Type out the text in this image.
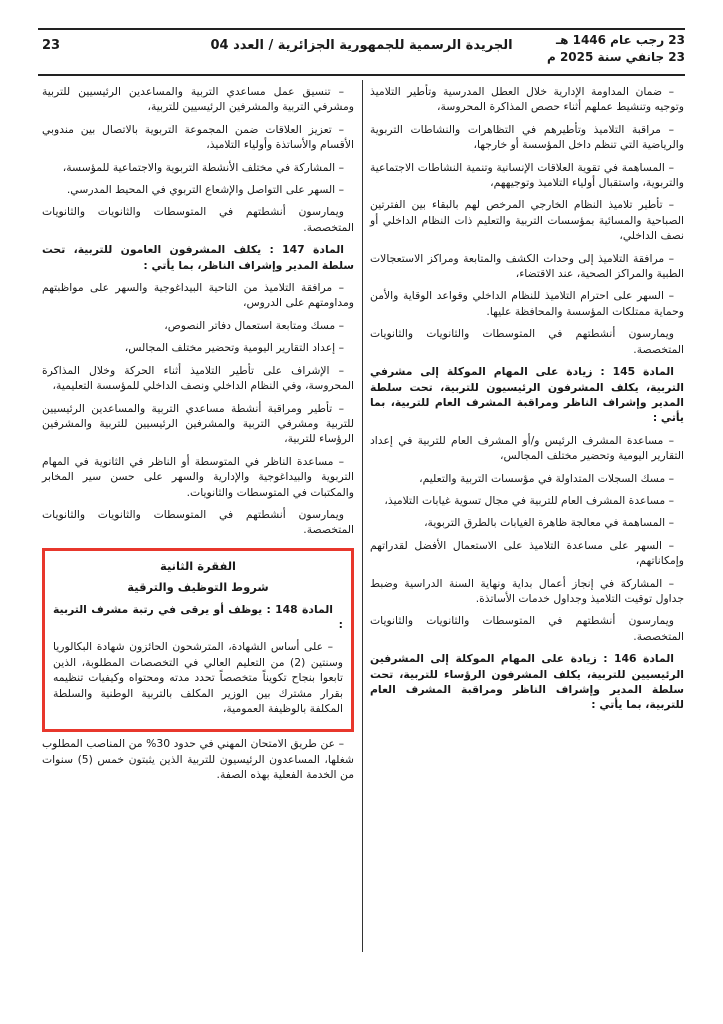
23 رجب عام 1446 هـ
23 جانفي سنة 2025 م
الجريدة الرسمية للجمهورية الجزائرية / العدد 04
23

– ضمان المداومة الإدارية خلال العطل المدرسية وتأطير التلاميذ وتوجيه وتنشيط عملهم أثناء حصص المذاكرة المحروسة،

– مراقبة التلاميذ وتأطيرهم في التظاهرات والنشاطات التربوية والرياضية التي تنظم داخل المؤسسة أو خارجها،

– المساهمة في تقوية العلاقات الإنسانية وتنمية النشاطات الاجتماعية والتربوية، واستقبال أولياء التلاميذ وتوجيههم،

– تأطير تلاميذ النظام الخارجي المرخص لهم بالبقاء بين الفترتين الصباحية والمسائية بمؤسسات التربية والتعليم ذات النظام الداخلي أو نصف الداخلي،

– مرافقة التلاميذ إلى وحدات الكشف والمتابعة ومراكز الاستعجالات الطبية والمراكز الصحية، عند الاقتضاء،

– السهر على احترام التلاميذ للنظام الداخلي وقواعد الوقاية والأمن وحماية ممتلكات المؤسسة والمحافظة عليها.

ويمارسون أنشطتهم في المتوسطات والثانويات والثانويات المتخصصة.

المادة 145 : زيادة على المهام الموكلة إلى مشرفي التربية، يكلف المشرفون الرئيسيون للتربية، تحت سلطة المدير وإشراف الناظر ومراقبة المشرف العام للتربية، بما يأتي :

– مساعدة المشرف الرئيس و/أو المشرف العام للتربية في إعداد التقارير اليومية وتحضير مختلف المجالس،

– مسك السجلات المتداولة في مؤسسات التربية والتعليم،

– مساعدة المشرف العام للتربية في مجال تسوية غيابات التلاميذ،

– المساهمة في معالجة ظاهرة الغيابات بالطرق التربوية،

– السهر على مساعدة التلاميذ على الاستعمال الأفضل لقدراتهم وإمكاناتهم،

– المشاركة في إنجاز أعمال بداية ونهاية السنة الدراسية وضبط جداول توقيت التلاميذ وجداول خدمات الأساتذة.

ويمارسون أنشطتهم في المتوسطات والثانويات والثانويات المتخصصة.

المادة 146 : زيادة على المهام الموكلة إلى المشرفين الرئيسيين للتربية، يكلف المشرفون الرؤساء للتربية، تحت سلطة المدير وإشراف الناظر ومراقبة المشرف العام للتربية، بما يأتي :

– تنسيق عمل مساعدي التربية والمساعدين الرئيسيين للتربية ومشرفي التربية والمشرفين الرئيسيين للتربية،

– تعزيز العلاقات ضمن المجموعة التربوية بالاتصال بين مندوبي الأقسام والأساتذة وأولياء التلاميذ،

– المشاركة في مختلف الأنشطة التربوية والاجتماعية للمؤسسة،

– السهر على التواصل والإشعاع التربوي في المحيط المدرسي.

ويمارسون أنشطتهم في المتوسطات والثانويات والثانويات المتخصصة.

المادة 147 : يكلف المشرفون العامون للتربية، تحت سلطة المدير وإشراف الناظر، بما يأتي :

– مرافقة التلاميذ من الناحية البيداغوجية والسهر على مواظبتهم ومداومتهم على الدروس،

– مسك ومتابعة استعمال دفاتر النصوص،

– إعداد التقارير اليومية وتحضير مختلف المجالس،

– الإشراف على تأطير التلاميذ أثناء الحركة وخلال المذاكرة المحروسة، وفي النظام الداخلي ونصف الداخلي للمؤسسة التعليمية،

– تأطير ومراقبة أنشطة مساعدي التربية والمساعدين الرئيسيين للتربية ومشرفي التربية والمشرفين الرئيسيين للتربية والمشرفين الرؤساء للتربية،

– مساعدة الناظر في المتوسطة أو الناظر في الثانوية في المهام التربوية والبيداغوجية والإدارية والسهر على حسن سير المخابر والمكتبات في المتوسطات والثانويات.

ويمارسون أنشطتهم في المتوسطات والثانويات والثانويات المتخصصة.

الفقرة الثانية
شروط التوظيف والترقية

المادة 148 : يوظف أو يرقى في رتبة مشرف التربية :

– على أساس الشهادة، المترشحون الحائزون شهادة البكالوريا وسنتين (2) من التعليم العالي في التخصصات المطلوبة، الذين تابعوا بنجاح تكويناً متخصصاً تحدد مدته ومحتواه وكيفيات تنظيمه بقرار مشترك بين الوزير المكلف بالتربية الوطنية والسلطة المكلفة بالوظيفة العمومية،

– عن طريق الامتحان المهني في حدود 30% من المناصب المطلوب شغلها، المساعدون الرئيسيون للتربية الذين يثبتون خمس (5) سنوات من الخدمة الفعلية بهذه الصفة.
